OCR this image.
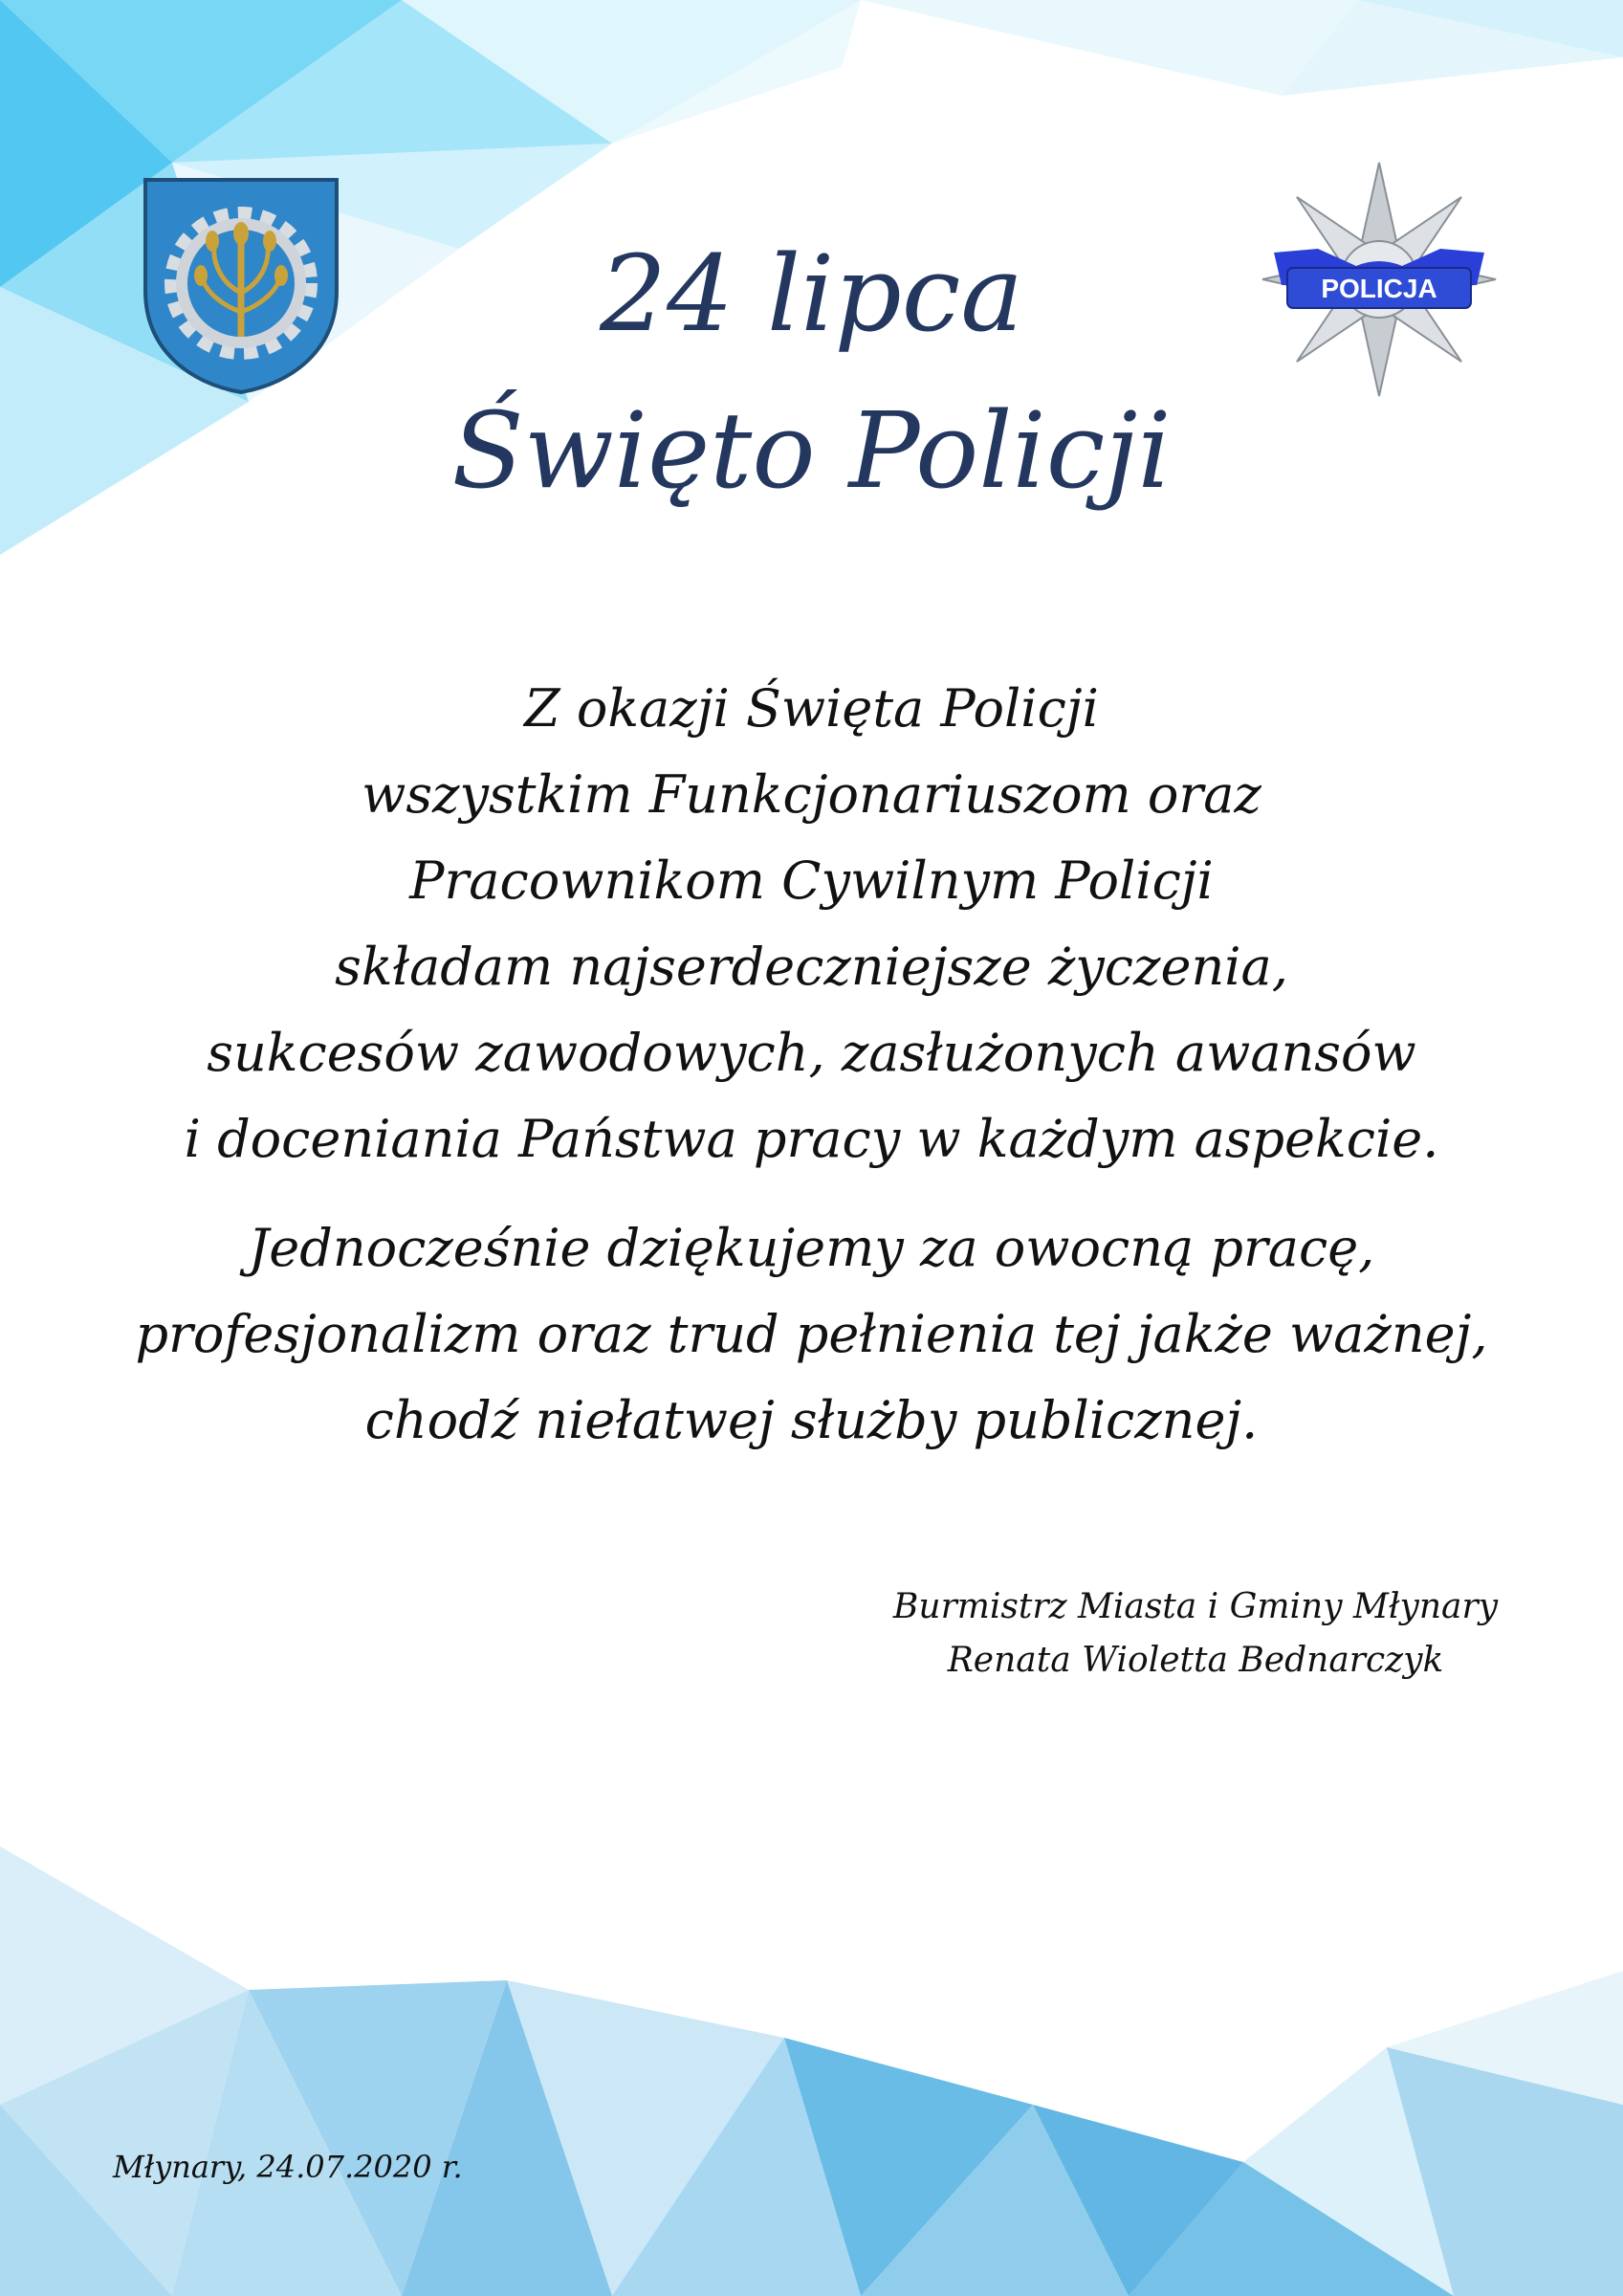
POLICJA
24 lipca
Święto Policji

Z okazji Święta Policji
wszystkim Funkcjonariuszom oraz
Pracownikom Cywilnym Policji
składam najserdeczniejsze życzenia,
sukcesów zawodowych, zasłużonych awansów
i doceniania Państwa pracy w każdym aspekcie.

Jednocześnie dziękujemy za owocną pracę,
profesjonalizm oraz trud pełnienia tej jakże ważnej,
chodź niełatwej służby publicznej.

Burmistrz Miasta i Gminy Młynary
Renata Wioletta Bednarczyk

Młynary, 24.07.2020 r.
